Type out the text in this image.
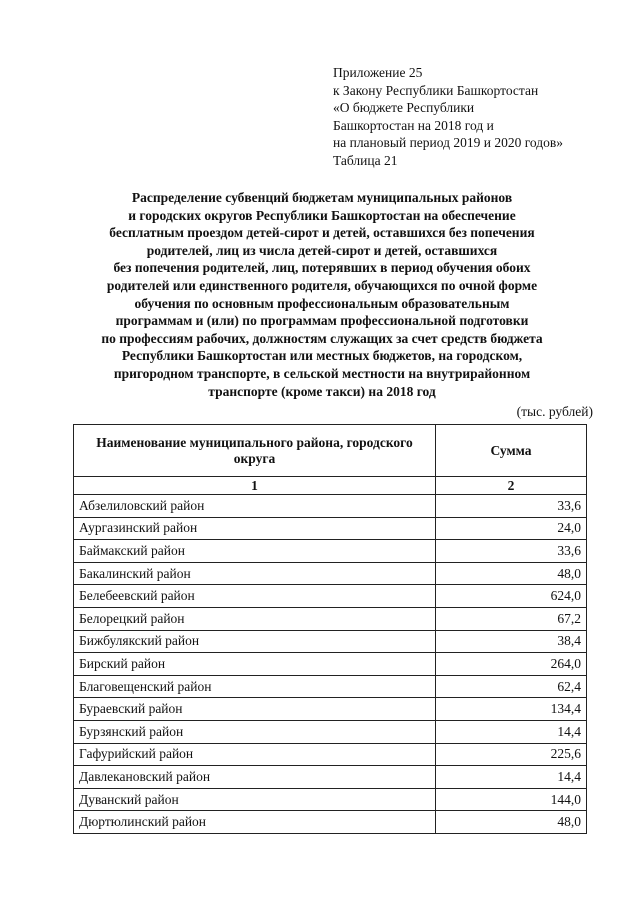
Приложение 25
к Закону Республики Башкортостан
«О бюджете Республики
Башкортостан на 2018 год и
на плановый период 2019 и 2020 годов»
Таблица 21
Распределение субвенций бюджетам муниципальных районов
и городских округов Республики Башкортостан на обеспечение
бесплатным проездом детей-сирот и детей, оставшихся без попечения
родителей, лиц из числа детей-сирот и детей, оставшихся
без попечения родителей, лиц, потерявших в период обучения обоих
родителей или единственного родителя, обучающихся по очной форме
обучения по основным профессиональным образовательным
программам и (или) по программам профессиональной подготовки
по профессиям рабочих, должностям служащих за счет средств бюджета
Республики Башкортостан или местных бюджетов, на городском,
пригородном транспорте, в сельской местности на внутрирайонном
транспорте (кроме такси) на 2018 год
(тыс. рублей)
Наименование муниципального района, городского округа	Сумма
1	2
Абзелиловский район	33,6
Аургазинский район	24,0
Баймакский район	33,6
Бакалинский район	48,0
Белебеевский район	624,0
Белорецкий район	67,2
Бижбулякский район	38,4
Бирский район	264,0
Благовещенский район	62,4
Бураевский район	134,4
Бурзянский район	14,4
Гафурийский район	225,6
Давлекановский район	14,4
Дуванский район	144,0
Дюртюлинский район	48,0
